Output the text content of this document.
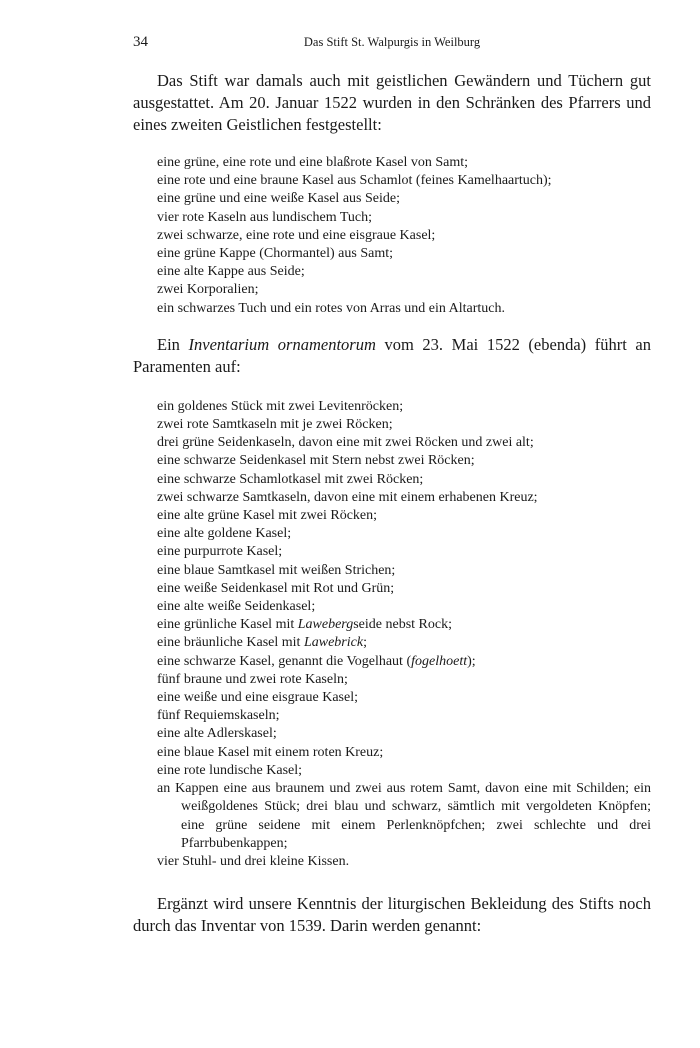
34	Das Stift St. Walpurgis in Weilburg

Das Stift war damals auch mit geistlichen Gewändern und Tüchern gut ausgestattet. Am 20. Januar 1522 wurden in den Schränken des Pfarrers und eines zweiten Geistlichen festgestellt:

eine grüne, eine rote und eine blaßrote Kasel von Samt;
eine rote und eine braune Kasel aus Schamlot (feines Kamelhaartuch);
eine grüne und eine weiße Kasel aus Seide;
vier rote Kaseln aus lundischem Tuch;
zwei schwarze, eine rote und eine eisgraue Kasel;
eine grüne Kappe (Chormantel) aus Samt;
eine alte Kappe aus Seide;
zwei Korporalien;
ein schwarzes Tuch und ein rotes von Arras und ein Altartuch.

Ein Inventarium ornamentorum vom 23. Mai 1522 (ebenda) führt an Paramenten auf:

ein goldenes Stück mit zwei Levitenröcken;
zwei rote Samtkaseln mit je zwei Röcken;
drei grüne Seidenkaseln, davon eine mit zwei Röcken und zwei alt;
eine schwarze Seidenkasel mit Stern nebst zwei Röcken;
eine schwarze Schamlotkasel mit zwei Röcken;
zwei schwarze Samtkaseln, davon eine mit einem erhabenen Kreuz;
eine alte grüne Kasel mit zwei Röcken;
eine alte goldene Kasel;
eine purpurrote Kasel;
eine blaue Samtkasel mit weißen Strichen;
eine weiße Seidenkasel mit Rot und Grün;
eine alte weiße Seidenkasel;
eine grünliche Kasel mit Lawebergseide nebst Rock;
eine bräunliche Kasel mit Lawebrick;
eine schwarze Kasel, genannt die Vogelhaut (fogelhoett);
fünf braune und zwei rote Kaseln;
eine weiße und eine eisgraue Kasel;
fünf Requiemskaseln;
eine alte Adlerskasel;
eine blaue Kasel mit einem roten Kreuz;
eine rote lundische Kasel;
an Kappen eine aus braunem und zwei aus rotem Samt, davon eine mit Schilden; ein weißgoldenes Stück; drei blau und schwarz, sämtlich mit vergoldeten Knöpfen; eine grüne seidene mit einem Perlenknöpfchen; zwei schlechte und drei Pfarrbubenkappen;
vier Stuhl- und drei kleine Kissen.

Ergänzt wird unsere Kenntnis der liturgischen Bekleidung des Stifts noch durch das Inventar von 1539. Darin werden genannt:
